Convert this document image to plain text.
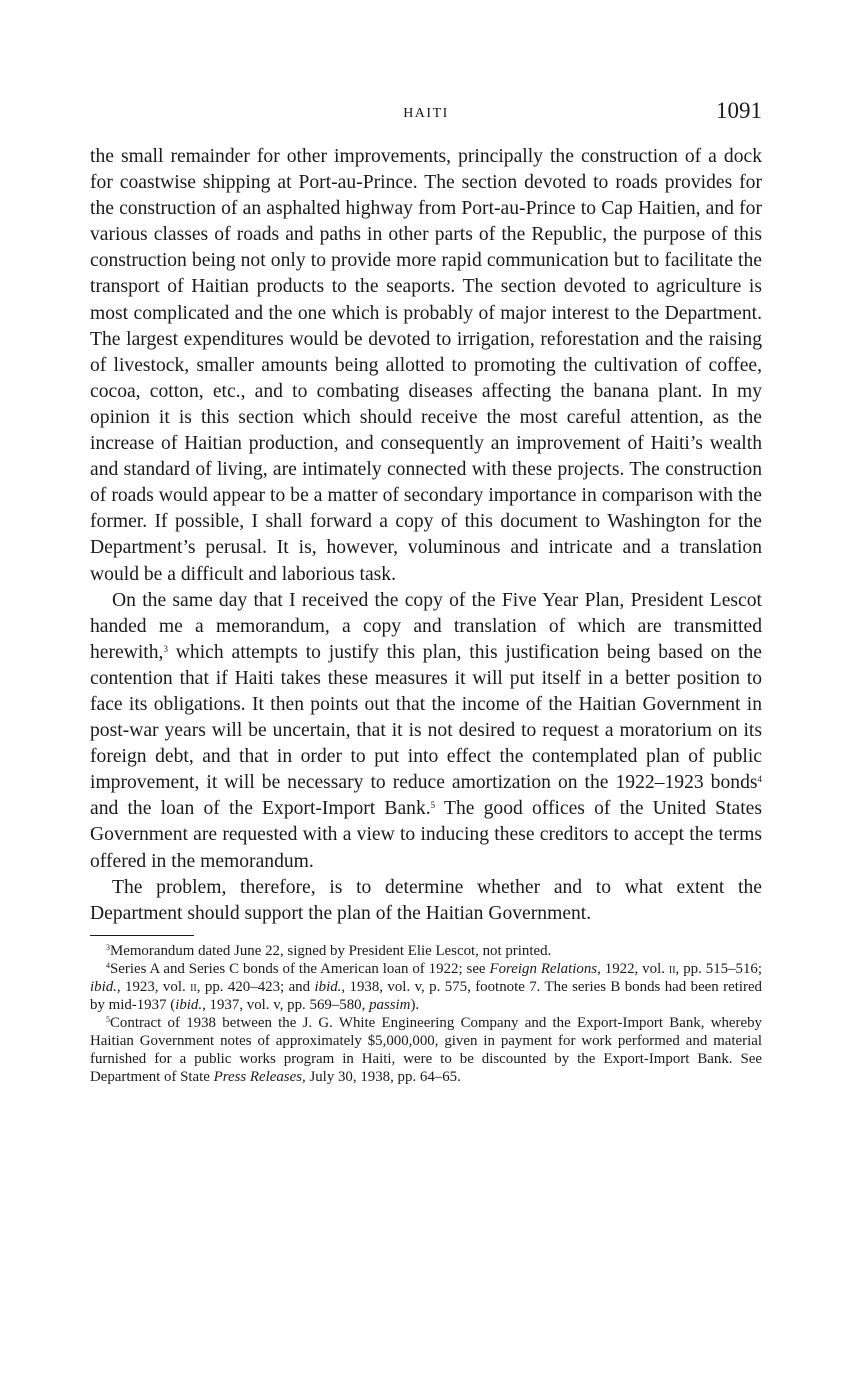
HAITI	1091

the small remainder for other improvements, principally the construction of a dock for coastwise shipping at Port-au-Prince. The section devoted to roads provides for the construction of an asphalted highway from Port-au-Prince to Cap Haitien, and for various classes of roads and paths in other parts of the Republic, the purpose of this construction being not only to provide more rapid communication but to facilitate the transport of Haitian products to the seaports. The section devoted to agriculture is most complicated and the one which is probably of major interest to the Department. The largest expenditures would be devoted to irrigation, reforestation and the raising of livestock, smaller amounts being allotted to promoting the cultivation of coffee, cocoa, cotton, etc., and to combating diseases affecting the banana plant. In my opinion it is this section which should receive the most careful attention, as the increase of Haitian production, and consequently an improvement of Haiti’s wealth and standard of living, are intimately connected with these projects. The construction of roads would appear to be a matter of secondary importance in comparison with the former. If possible, I shall forward a copy of this document to Washington for the Department’s perusal. It is, however, voluminous and intricate and a translation would be a difficult and laborious task.

On the same day that I received the copy of the Five Year Plan, President Lescot handed me a memorandum, a copy and translation of which are transmitted herewith,$^3$ which attempts to justify this plan, this justification being based on the contention that if Haiti takes these measures it will put itself in a better position to face its obligations. It then points out that the income of the Haitian Government in post-war years will be uncertain, that it is not desired to request a moratorium on its foreign debt, and that in order to put into effect the contemplated plan of public improvement, it will be necessary to reduce amortization on the 1922–1923 bonds$^4$ and the loan of the Export-Import Bank.$^5$ The good offices of the United States Government are requested with a view to inducing these creditors to accept the terms offered in the memorandum.

The problem, therefore, is to determine whether and to what extent the Department should support the plan of the Haitian Government.

$^3$Memorandum dated June 22, signed by President Elie Lescot, not printed.

$^4$Series A and Series C bonds of the American loan of 1922; see Foreign Relations, 1922, vol. ii, pp. 515–516; ibid., 1923, vol. ii, pp. 420–423; and ibid., 1938, vol. v, p. 575, footnote 7. The series B bonds had been retired by mid-1937 (ibid., 1937, vol. v, pp. 569–580, passim).

$^5$Contract of 1938 between the J. G. White Engineering Company and the Export-Import Bank, whereby Haitian Government notes of approximately $5,000,000, given in payment for work performed and material furnished for a public works program in Haiti, were to be discounted by the Export-Import Bank. See Department of State Press Releases, July 30, 1938, pp. 64–65.
